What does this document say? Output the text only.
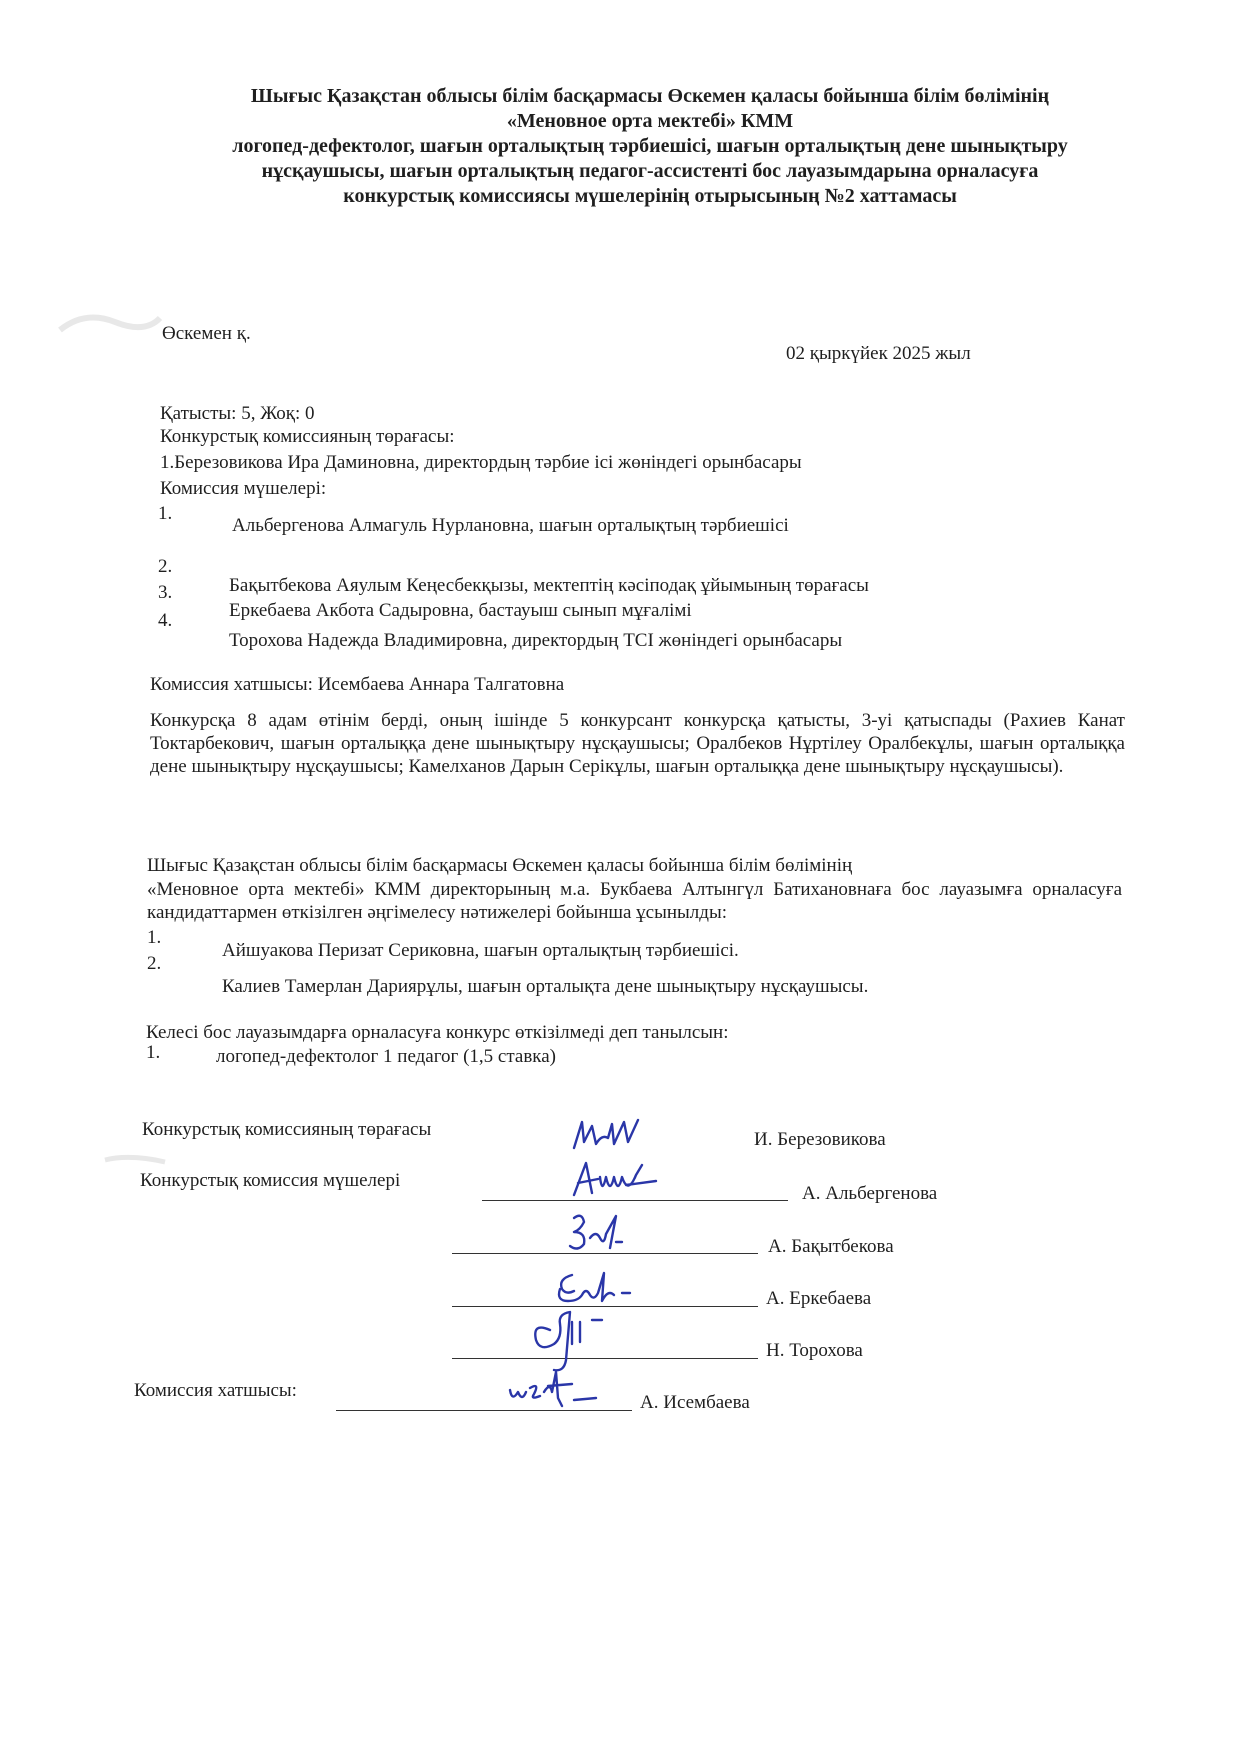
Шығыс Қазақстан облысы білім басқармасы Өскемен қаласы бойынша білім бөлімінің
«Меновное орта мектебі» КММ
логопед-дефектолог, шағын орталықтың тәрбиешісі, шағын орталықтың дене шынықтыру
нұсқаушысы, шағын орталықтың педагог-ассистенті бос лауазымдарына орналасуға
конкурстық комиссиясы мүшелерінің отырысының №2 хаттамасы
Өскемен қ.
02 қыркүйек 2025 жыл
Қатысты: 5, Жоқ: 0
Конкурстық комиссияның төрағасы:
1.Березовикова Ира Даминовна, директордың тәрбие ісі жөніндегі орынбасары
Комиссия мүшелері:
1.
Альбергенова Алмагуль Нурлановна, шағын орталықтың тәрбиешісі
2.
Бақытбекова Аяулым Кеңесбекқызы, мектептің кәсіподақ ұйымының төрағасы
3.
Еркебаева Акбота Садыровна, бастауыш сынып мұғалімі
4.
Торохова Надежда Владимировна, директордың ТСІ жөніндегі орынбасары
Комиссия хатшысы: Исембаева Аннара Талгатовна
Конкурсқа 8 адам өтінім берді, оның ішінде 5 конкурсант конкурсқа қатысты, 3-уі қатыспады (Рахиев Канат Токтарбекович, шағын орталыққа дене шынықтыру нұсқаушысы; Оралбеков Нұртілеу Оралбекұлы, шағын орталыққа дене шынықтыру нұсқаушысы; Камелханов Дарын Серікұлы, шағын орталыққа дене шынықтыру нұсқаушысы).
Шығыс Қазақстан облысы білім басқармасы Өскемен қаласы бойынша білім бөлімінің
«Меновное орта мектебі» КММ директорының м.а. Букбаева Алтынгүл Батихановнаға бос лауазымға орналасуға кандидаттармен өткізілген әңгімелесу нәтижелері бойынша ұсынылды:
1.
Айшуакова Перизат Сериковна, шағын орталықтың тәрбиешісі.
2.
Калиев Тамерлан Дариярұлы, шағын орталықта дене шынықтыру нұсқаушысы.
Келесі бос лауазымдарға орналасуға конкурс өткізілмеді деп танылсын:
1.	логопед-дефектолог 1 педагог (1,5 ставка)
Конкурстық комиссияның төрағасы	И. Березовикова
Конкурстық комиссия мүшелері
А. Альбергенова
А. Бақытбекова
А. Еркебаева
Н. Торохова
Комиссия хатшысы:
А. Исембаева
